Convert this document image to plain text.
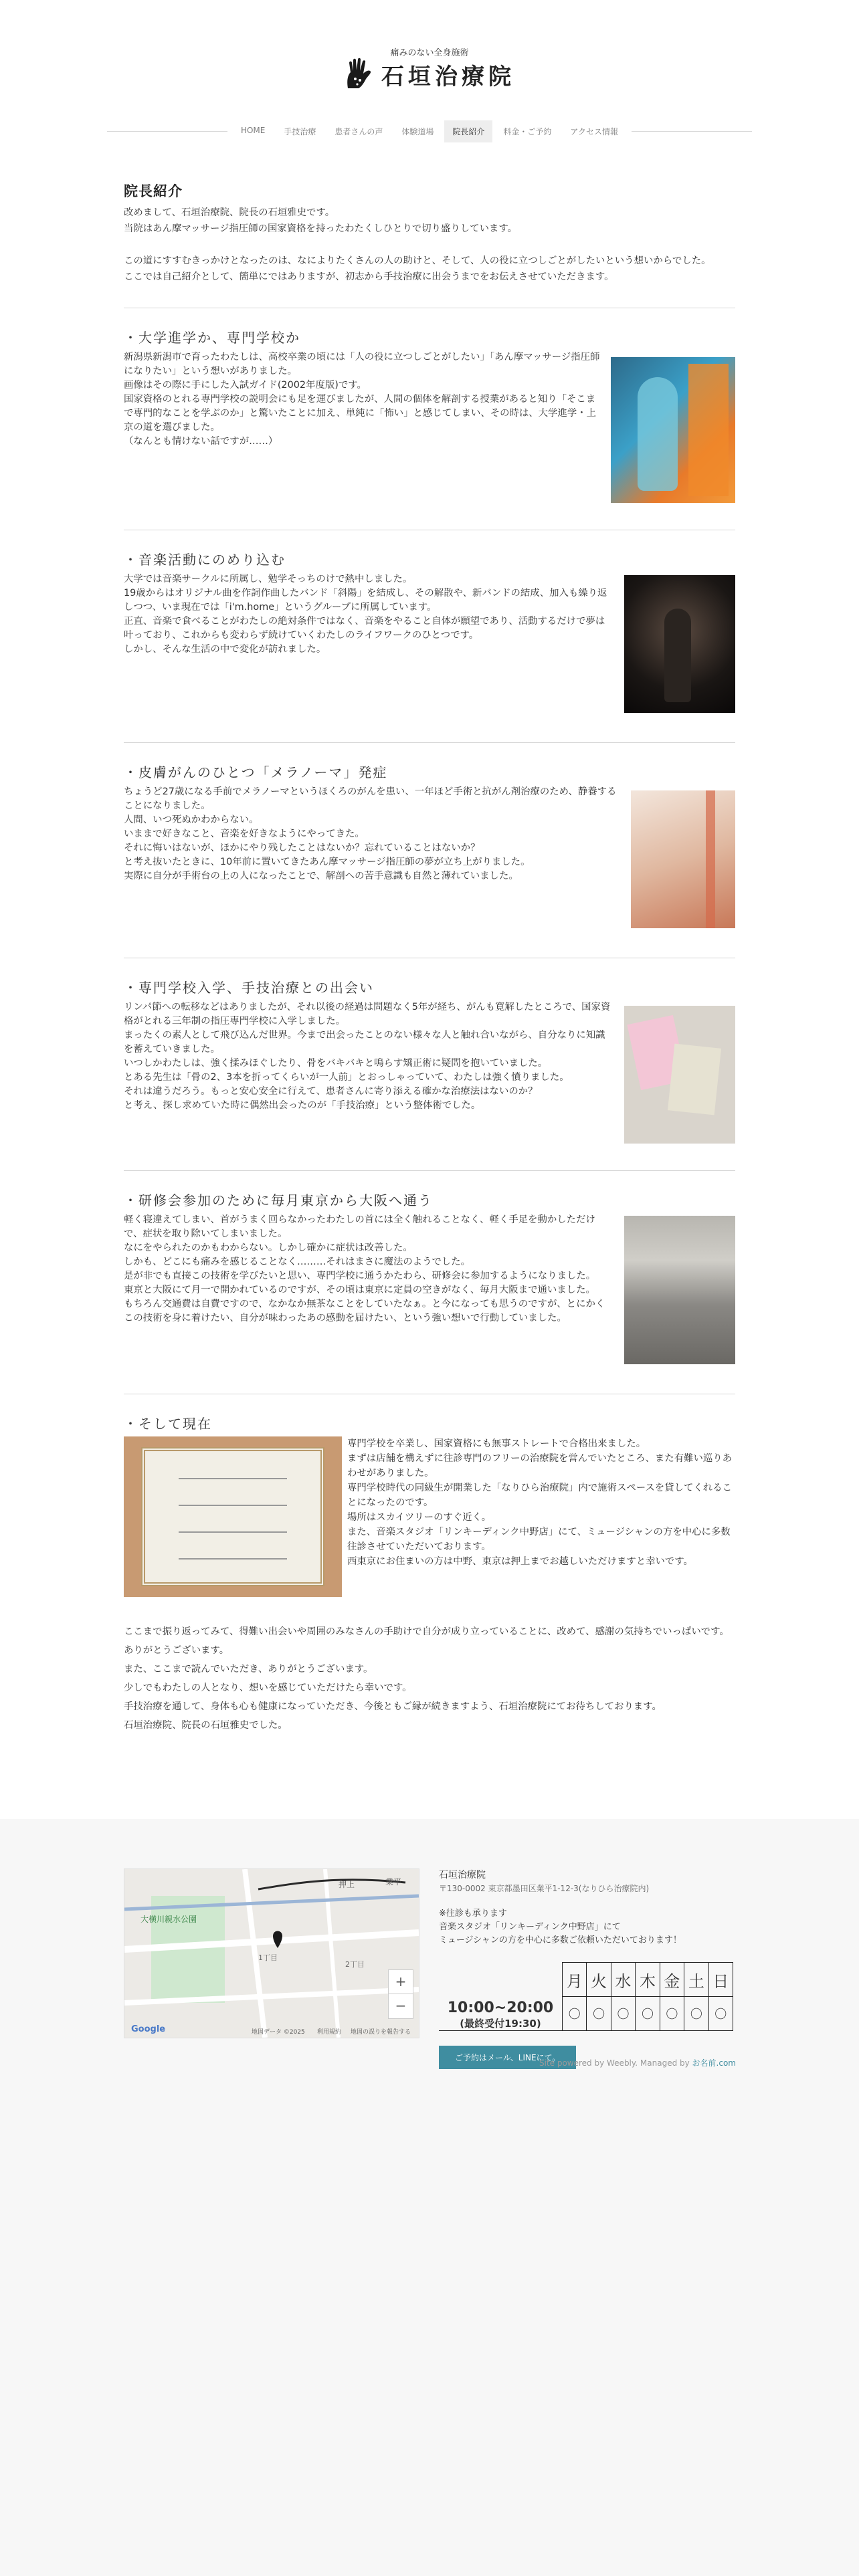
痛みのない全身施術
石垣治療院
HOME	手技治療	患者さんの声	体験道場	院長紹介	料金・ご予約	アクセス情報
院長紹介

改めまして、石垣治療院、院長の石垣雅史です。
当院はあん摩マッサージ指圧師の国家資格を持ったわたくしひとりで切り盛りしています。

この道にすすむきっかけとなったのは、なによりたくさんの人の助けと、そして、人の役に立つしごとがしたいという想いからでした。
ここでは自己紹介として、簡単にではありますが、初志から手技治療に出会うまでをお伝えさせていただきます。

・大学進学か、専門学校か
新潟県新潟市で育ったわたしは、高校卒業の頃には「人の役に立つしごとがしたい」「あん摩マッサージ指圧師になりたい」という想いがありました。
画像はその際に手にした入試ガイド(2002年度版)です。
国家資格のとれる専門学校の説明会にも足を運びましたが、人間の個体を解剖する授業があると知り「そこまで専門的なことを学ぶのか」と驚いたことに加え、単純に「怖い」と感じてしまい、その時は、大学進学・上京の道を選びました。
（なんとも情けない話ですが……）
・音楽活動にのめり込む
大学では音楽サークルに所属し、勉学そっちのけで熱中しました。
19歳からはオリジナル曲を作詞作曲したバンド「斜陽」を結成し、その解散や、新バンドの結成、加入も繰り返しつつ、いま現在では「i'm.home」というグループに所属しています。
正直、音楽で食べることがわたしの絶対条件ではなく、音楽をやること自体が願望であり、活動するだけで夢は叶っており、これからも変わらず続けていくわたしのライフワークのひとつです。
しかし、そんな生活の中で変化が訪れました。
・皮膚がんのひとつ「メラノーマ」発症
ちょうど27歳になる手前でメラノーマというほくろのがんを患い、一年ほど手術と抗がん剤治療のため、静養することになりました。
人間、いつ死ぬかわからない。
いままで好きなこと、音楽を好きなようにやってきた。
それに悔いはないが、ほかにやり残したことはないか？忘れていることはないか？
と考え抜いたときに、10年前に置いてきたあん摩マッサージ指圧師の夢が立ち上がりました。
実際に自分が手術台の上の人になったことで、解剖への苦手意識も自然と薄れていました。
・専門学校入学、手技治療との出会い
リンパ節への転移などはありましたが、それ以後の経過は問題なく5年が経ち、がんも寛解したところで、国家資格がとれる三年制の指圧専門学校に入学しました。
まったくの素人として飛び込んだ世界。今まで出会ったことのない様々な人と触れ合いながら、自分なりに知識を蓄えていきました。
いつしかわたしは、強く揉みほぐしたり、骨をバキバキと鳴らす矯正術に疑問を抱いていました。
とある先生は「骨の2、3本を折ってくらいが一人前」とおっしゃっていて、わたしは強く憤りました。
それは違うだろう。もっと安心安全に行えて、患者さんに寄り添える確かな治療法はないのか？
と考え、探し求めていた時に偶然出会ったのが「手技治療」という整体術でした。
・研修会参加のために毎月東京から大阪へ通う
軽く寝違えてしまい、首がうまく回らなかったわたしの首には全く触れることなく、軽く手足を動かしただけで、症状を取り除いてしまいました。
なにをやられたのかもわからない。しかし確かに症状は改善した。
しかも、どこにも痛みを感じることなく………それはまさに魔法のようでした。
是が非でも直接この技術を学びたいと思い、専門学校に通うかたわら、研修会に参加するようになりました。
東京と大阪にて月一で開かれているのですが、その頃は東京に定員の空きがなく、毎月大阪まで通いました。
もちろん交通費は自費ですので、なかなか無茶なことをしていたなぁ。と今になっても思うのですが、とにかくこの技術を身に着けたい、自分が味わったあの感動を届けたい、という強い想いで行動していました。
・そして現在
専門学校を卒業し、国家資格にも無事ストレートで合格出来ました。
まずは店舗を構えずに往診専門のフリーの治療院を営んでいたところ、また有難い巡りあわせがありました。
専門学校時代の同級生が開業した「なりひら治療院」内で施術スペースを貸してくれることになったのです。
場所はスカイツリーのすぐ近く。
また、音楽スタジオ「リンキーディンク中野店」にて、ミュージシャンの方を中心に多数往診させていただいております。
西東京にお住まいの方は中野、東京は押上までお越しいただけますと幸いです。

ここまで振り返ってみて、得難い出会いや周囲のみなさんの手助けで自分が成り立っていることに、改めて、感謝の気持ちでいっぱいです。ありがとうございます。
また、ここまで読んでいただき、ありがとうございます。
少しでもわたしの人となり、想いを感じていただけたら幸いです。
手技治療を通して、身体も心も健康になっていただき、今後ともご縁が続きますよう、石垣治療院にてお待ちしております。
石垣治療院、院長の石垣雅史でした。

大横川親水公園
押上	業平
1丁目
2丁目
+
−
Google	地図データ ©2025 利用規約 地図の誤りを報告する

石垣治療院

〒130-0002 東京都墨田区業平1-12-3(なりひら治療院内)

※往診も承ります
音楽スタジオ「リンキーディンク中野店」にて
ミュージシャンの方を中心に多数ご依頼いただいております！

10:00~20:00
(最終受付19:30)	月	火	水	木	金	土	日
	〇	〇	〇	〇	〇	〇	〇
ご予約はメール、LINEにて。
Site powered by Weebly. Managed by お名前.com
